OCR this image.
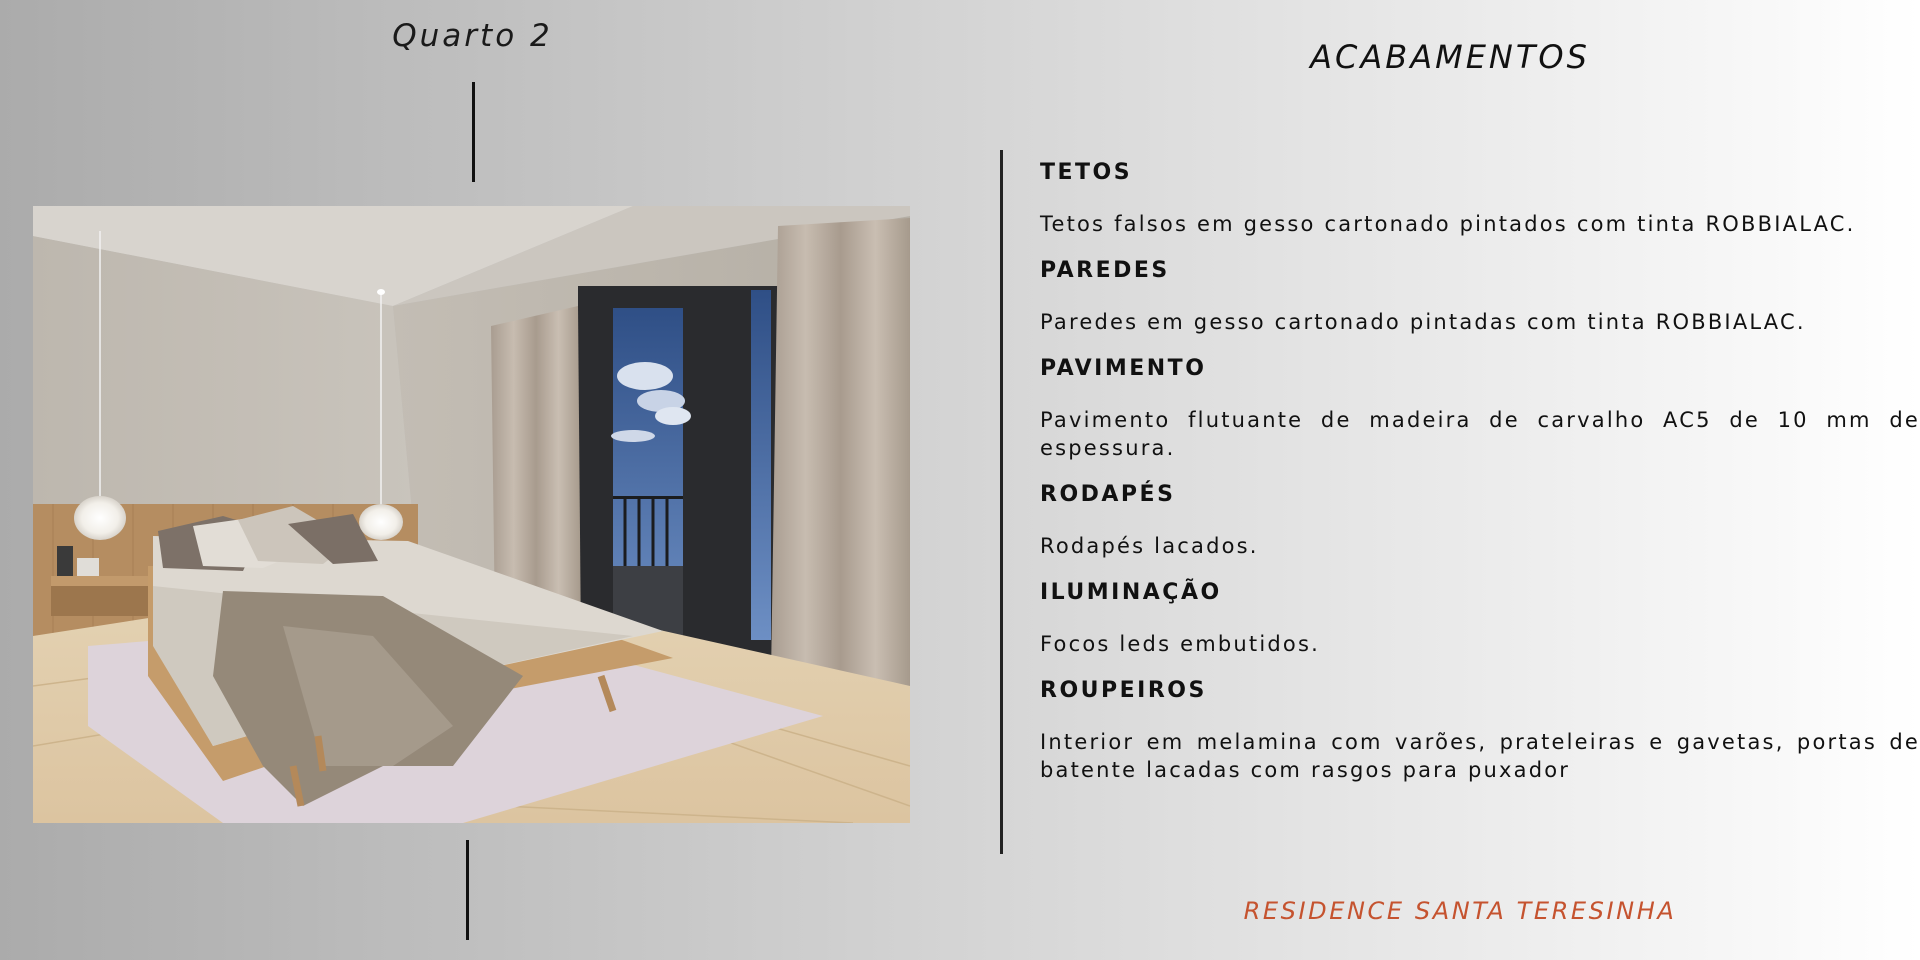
Quarto 2
ACABAMENTOS
TETOS
Tetos falsos em gesso cartonado pintados com tinta ROBBIALAC.
PAREDES
Paredes em gesso cartonado pintadas com tinta ROBBIALAC.
PAVIMENTO
Pavimento flutuante de madeira de carvalho AC5 de 10 mm de espessura.
RODAPÉS
Rodapés lacados.
ILUMINAÇÃO
Focos leds embutidos.
ROUPEIROS
Interior em melamina com varões, prateleiras e gavetas, portas de batente lacadas com rasgos para puxador
RESIDENCE SANTA TERESINHA
